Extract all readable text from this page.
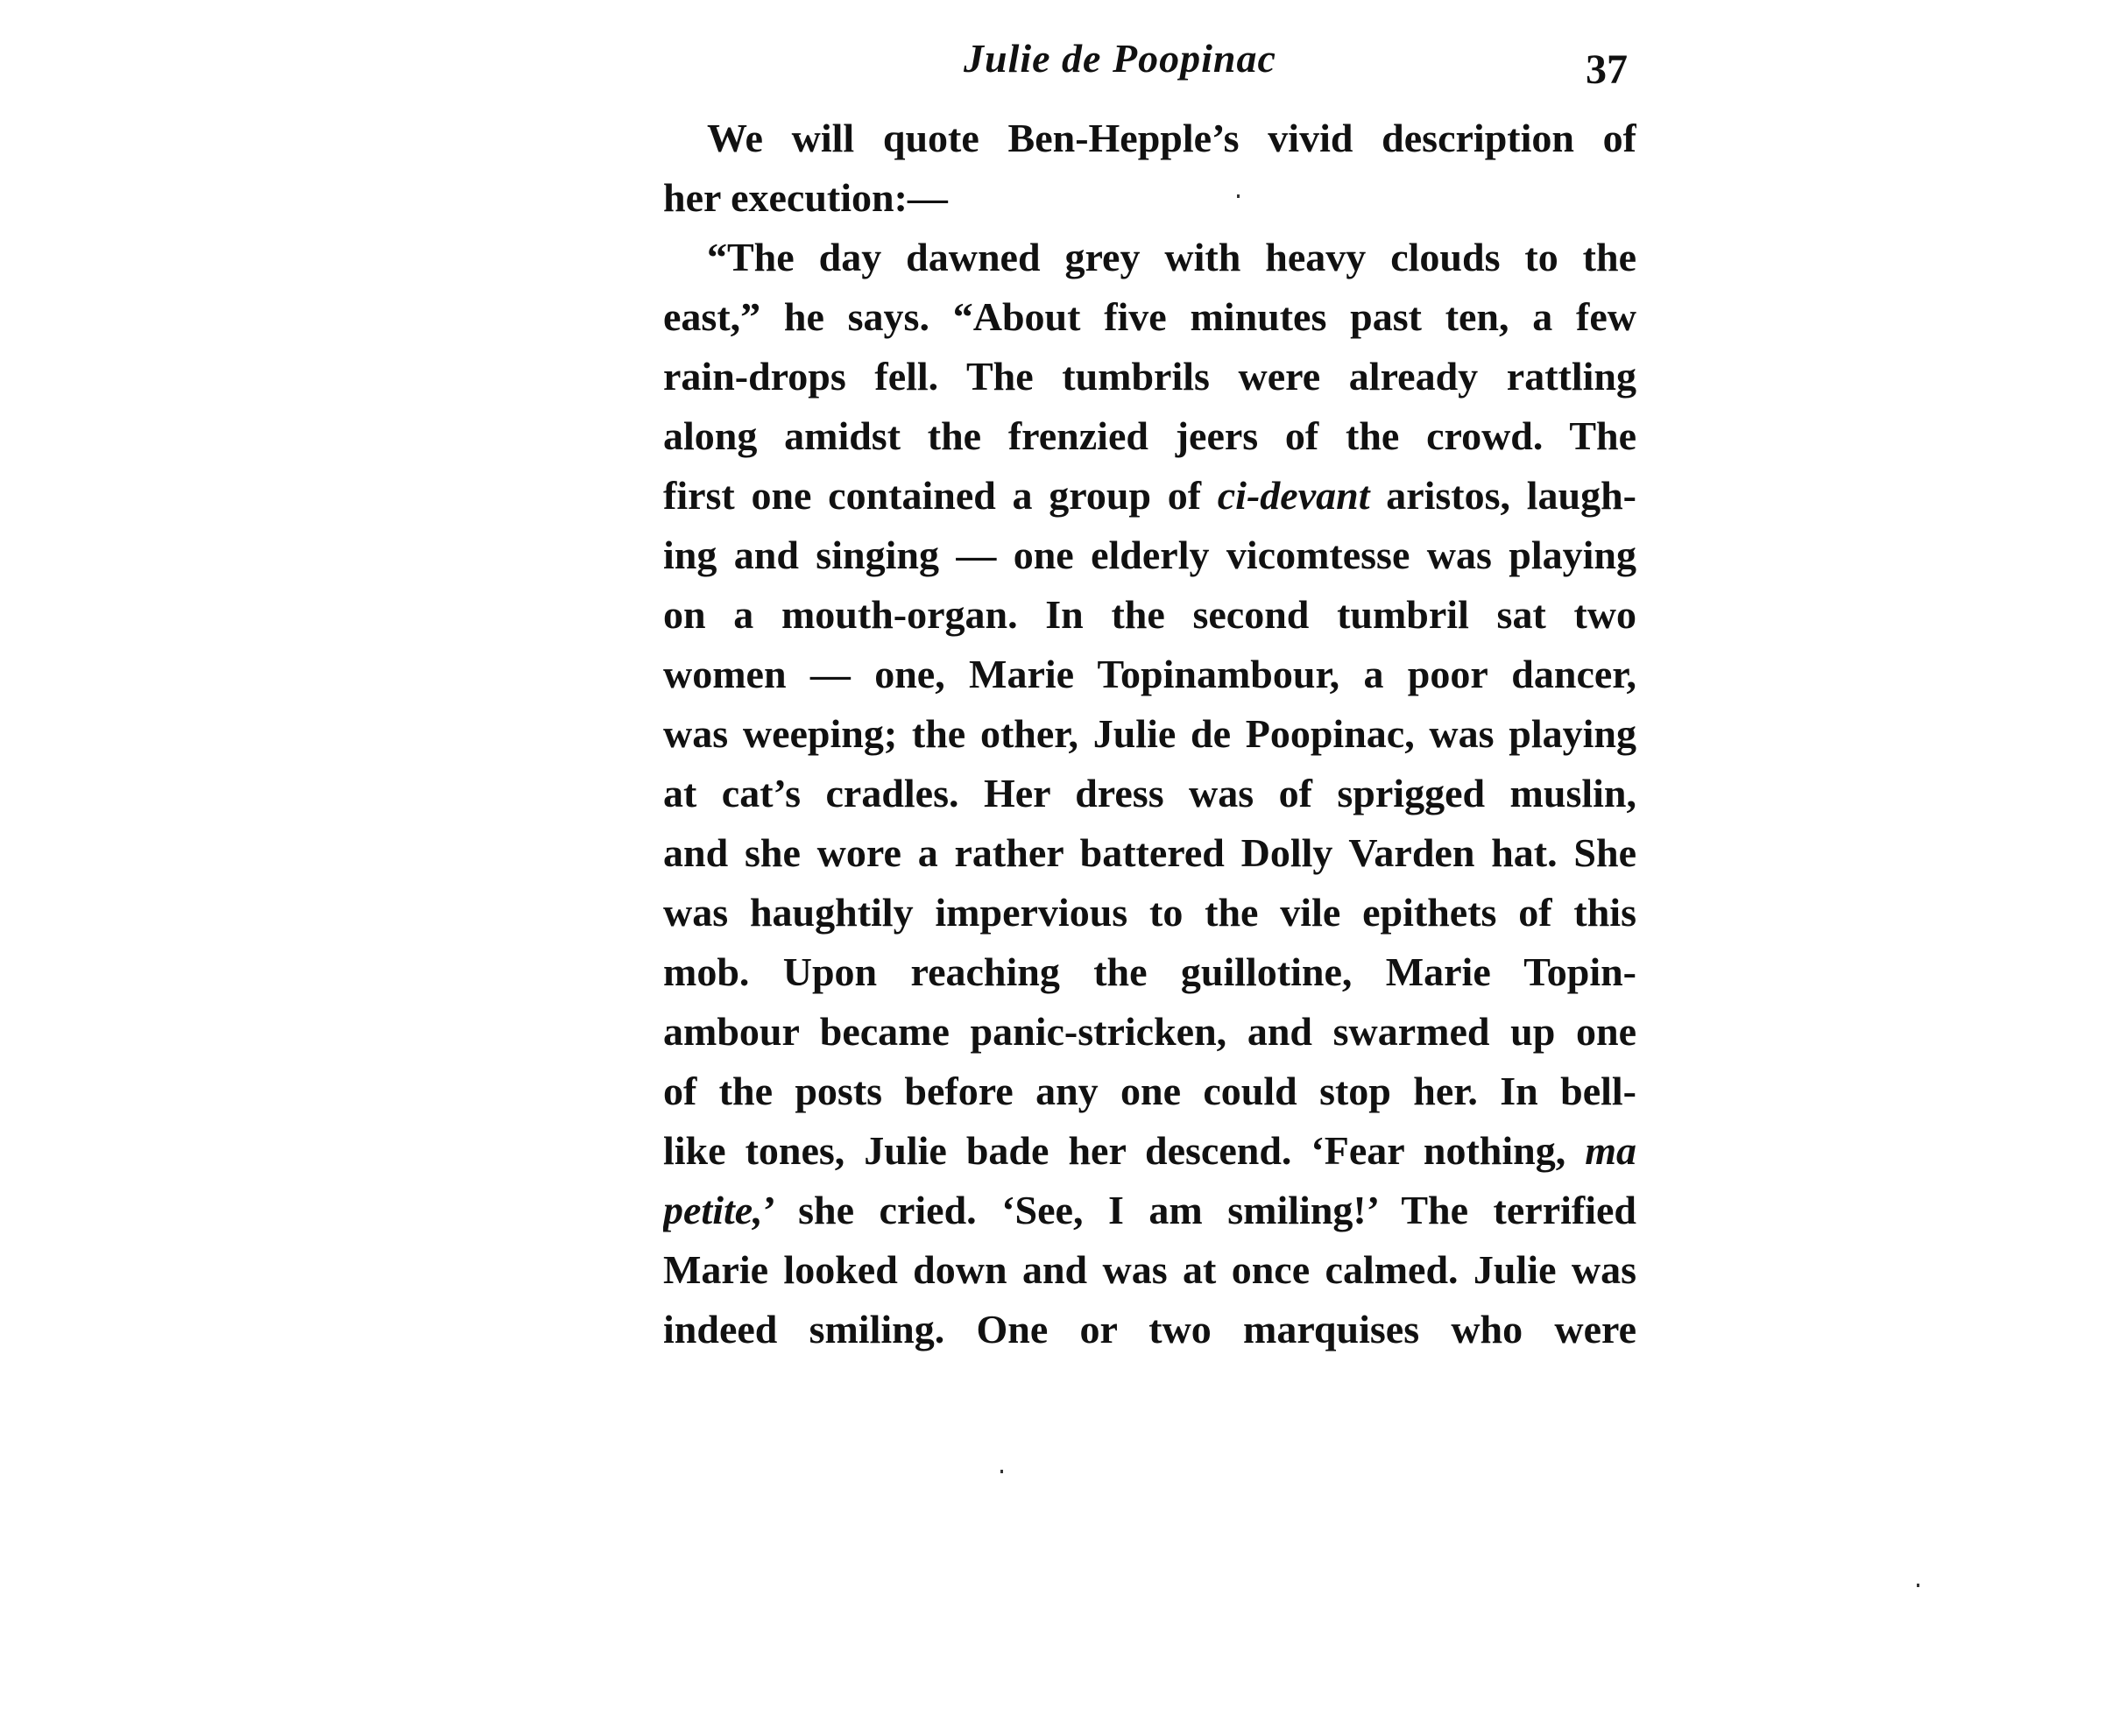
Julie de Poopinac	37
We will quote Ben-Hepple’s vivid description of
her execution:—
“The day dawned grey with heavy clouds to the
east,” he says. “About five minutes past ten, a few
rain-drops fell. The tumbrils were already rattling
along amidst the frenzied jeers of the crowd. The
first one contained a group of ci-devant aristos, laugh-
ing and singing — one elderly vicomtesse was playing
on a mouth-organ. In the second tumbril sat two
women — one, Marie Topinambour, a poor dancer,
was weeping; the other, Julie de Poopinac, was playing
at cat’s cradles. Her dress was of sprigged muslin,
and she wore a rather battered Dolly Varden hat. She
was haughtily impervious to the vile epithets of this
mob. Upon reaching the guillotine, Marie Topin-
ambour became panic-stricken, and swarmed up one
of the posts before any one could stop her. In bell-
like tones, Julie bade her descend. ‘Fear nothing, ma
petite,’ she cried. ‘See, I am smiling!’ The terrified
Marie looked down and was at once calmed. Julie was
indeed smiling. One or two marquises who were
